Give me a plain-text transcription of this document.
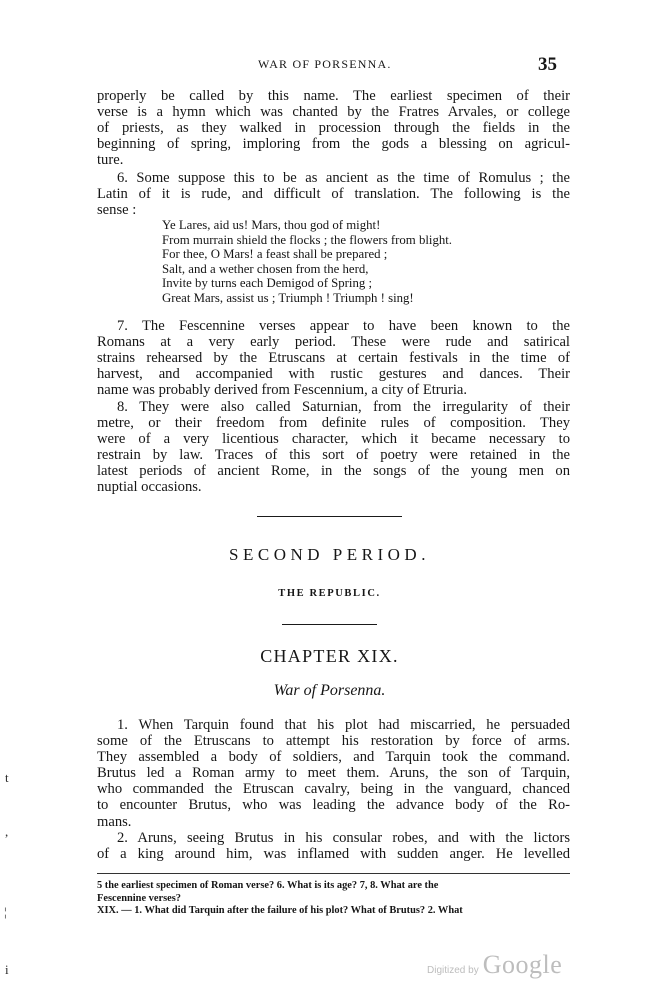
WAR OF PORSENNA.	35
properly be called by this name. The earliest specimen of their
verse is a hymn which was chanted by the Fratres Arvales, or college
of priests, as they walked in procession through the fields in the
beginning of spring, imploring from the gods a blessing on agricul-
ture.
6. Some suppose this to be as ancient as the time of Romulus ; the
Latin of it is rude, and difficult of translation. The following is the
sense :
Ye Lares, aid us! Mars, thou god of might!
From murrain shield the flocks ; the flowers from blight.
For thee, O Mars! a feast shall be prepared ;
Salt, and a wether chosen from the herd,
Invite by turns each Demigod of Spring ;
Great Mars, assist us ; Triumph ! Triumph ! sing!
7. The Fescennine verses appear to have been known to the
Romans at a very early period. These were rude and satirical
strains rehearsed by the Etruscans at certain festivals in the time of
harvest, and accompanied with rustic gestures and dances. Their
name was probably derived from Fescennium, a city of Etruria.
8. They were also called Saturnian, from the irregularity of their
metre, or their freedom from definite rules of composition. They
were of a very licentious character, which it became necessary to
restrain by law. Traces of this sort of poetry were retained in the
latest periods of ancient Rome, in the songs of the young men on
nuptial occasions.
SECOND PERIOD.
THE REPUBLIC.
CHAPTER XIX.
War of Porsenna.
1. When Tarquin found that his plot had miscarried, he persuaded
some of the Etruscans to attempt his restoration by force of arms.
They assembled a body of soldiers, and Tarquin took the command.
Brutus led a Roman army to meet them. Aruns, the son of Tarquin,
who commanded the Etruscan cavalry, being in the vanguard, chanced
to encounter Brutus, who was leading the advance body of the Ro-
mans.
2. Aruns, seeing Brutus in his consular robes, and with the lictors
of a king around him, was inflamed with sudden anger. He levelled
5 the earliest specimen of Roman verse? 6. What is its age? 7, 8. What are the
Fescennine verses?
XIX. — 1. What did Tarquin after the failure of his plot? What of Brutus? 2. What
Digitized by Google
t
,
¦
i
